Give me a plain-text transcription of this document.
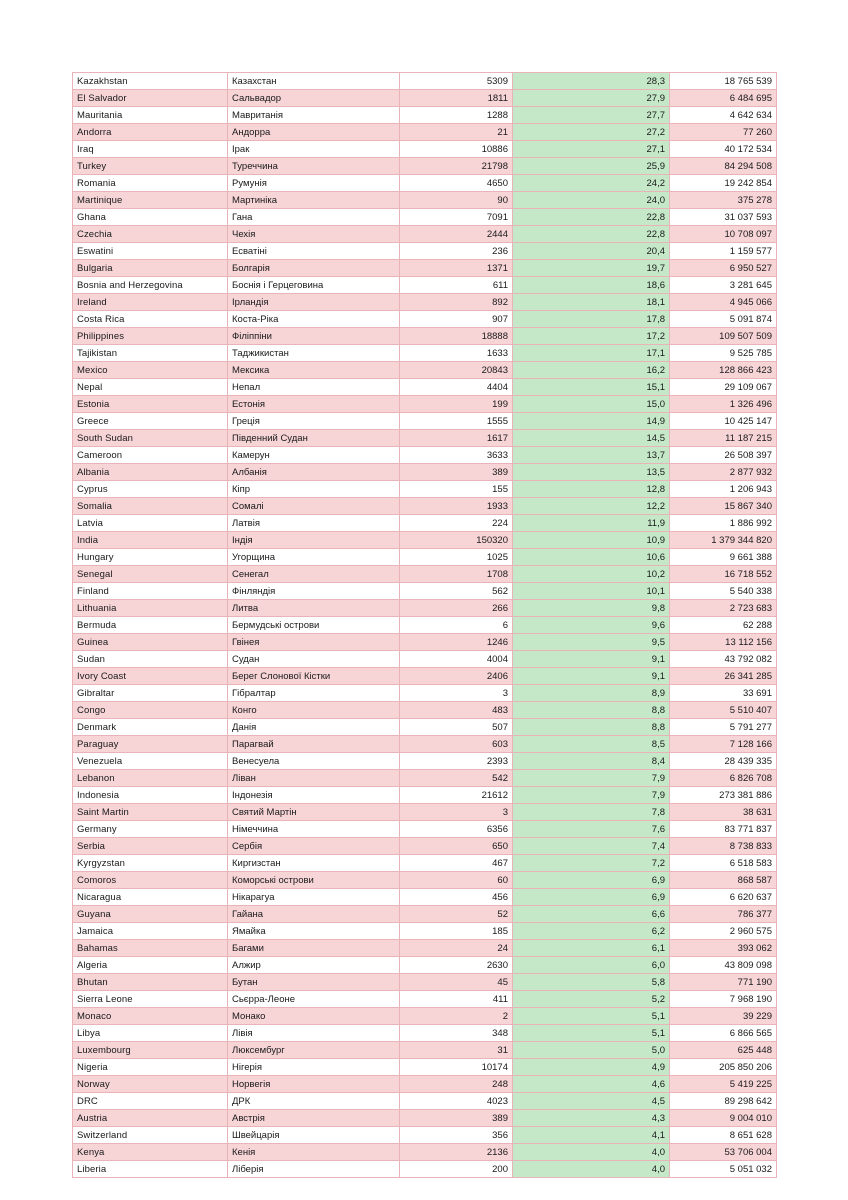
Kazakhstan	Казахстан	5309	28,3	18 765 539
El Salvador	Сальвадор	1811	27,9	6 484 695
Mauritania	Мавританія	1288	27,7	4 642 634
Andorra	Андорра	21	27,2	77 260
Iraq	Ірак	10886	27,1	40 172 534
Turkey	Туреччина	21798	25,9	84 294 508
Romania	Румунія	4650	24,2	19 242 854
Martinique	Мартиніка	90	24,0	375 278
Ghana	Гана	7091	22,8	31 037 593
Czechia	Чехія	2444	22,8	10 708 097
Eswatini	Есватіні	236	20,4	1 159 577
Bulgaria	Болгарія	1371	19,7	6 950 527
Bosnia and Herzegovina	Боснія і Герцеговина	611	18,6	3 281 645
Ireland	Ірландія	892	18,1	4 945 066
Costa Rica	Коста-Ріка	907	17,8	5 091 874
Philippines	Філіппіни	18888	17,2	109 507 509
Tajikistan	Таджикистан	1633	17,1	9 525 785
Mexico	Мексика	20843	16,2	128 866 423
Nepal	Непал	4404	15,1	29 109 067
Estonia	Естонія	199	15,0	1 326 496
Greece	Греція	1555	14,9	10 425 147
South Sudan	Південний Судан	1617	14,5	11 187 215
Cameroon	Камерун	3633	13,7	26 508 397
Albania	Албанія	389	13,5	2 877 932
Cyprus	Кіпр	155	12,8	1 206 943
Somalia	Сомалі	1933	12,2	15 867 340
Latvia	Латвія	224	11,9	1 886 992
India	Індія	150320	10,9	1 379 344 820
Hungary	Угорщина	1025	10,6	9 661 388
Senegal	Сенегал	1708	10,2	16 718 552
Finland	Фінляндія	562	10,1	5 540 338
Lithuania	Литва	266	9,8	2 723 683
Bermuda	Бермудські острови	6	9,6	62 288
Guinea	Гвінея	1246	9,5	13 112 156
Sudan	Судан	4004	9,1	43 792 082
Ivory Coast	Берег Слонової Кістки	2406	9,1	26 341 285
Gibraltar	Гібралтар	3	8,9	33 691
Congo	Конго	483	8,8	5 510 407
Denmark	Данія	507	8,8	5 791 277
Paraguay	Парагвай	603	8,5	7 128 166
Venezuela	Венесуела	2393	8,4	28 439 335
Lebanon	Ліван	542	7,9	6 826 708
Indonesia	Індонезія	21612	7,9	273 381 886
Saint Martin	Святий Мартін	3	7,8	38 631
Germany	Німеччина	6356	7,6	83 771 837
Serbia	Сербія	650	7,4	8 738 833
Kyrgyzstan	Киргизстан	467	7,2	6 518 583
Comoros	Коморські острови	60	6,9	868 587
Nicaragua	Нікарагуа	456	6,9	6 620 637
Guyana	Гайана	52	6,6	786 377
Jamaica	Ямайка	185	6,2	2 960 575
Bahamas	Багами	24	6,1	393 062
Algeria	Алжир	2630	6,0	43 809 098
Bhutan	Бутан	45	5,8	771 190
Sierra Leone	Сьєрра-Леоне	411	5,2	7 968 190
Monaco	Монако	2	5,1	39 229
Libya	Лівія	348	5,1	6 866 565
Luxembourg	Люксембург	31	5,0	625 448
Nigeria	Нігерія	10174	4,9	205 850 206
Norway	Норвегія	248	4,6	5 419 225
DRC	ДРК	4023	4,5	89 298 642
Austria	Австрія	389	4,3	9 004 010
Switzerland	Швейцарія	356	4,1	8 651 628
Kenya	Кенія	2136	4,0	53 706 004
Liberia	Ліберія	200	4,0	5 051 032
